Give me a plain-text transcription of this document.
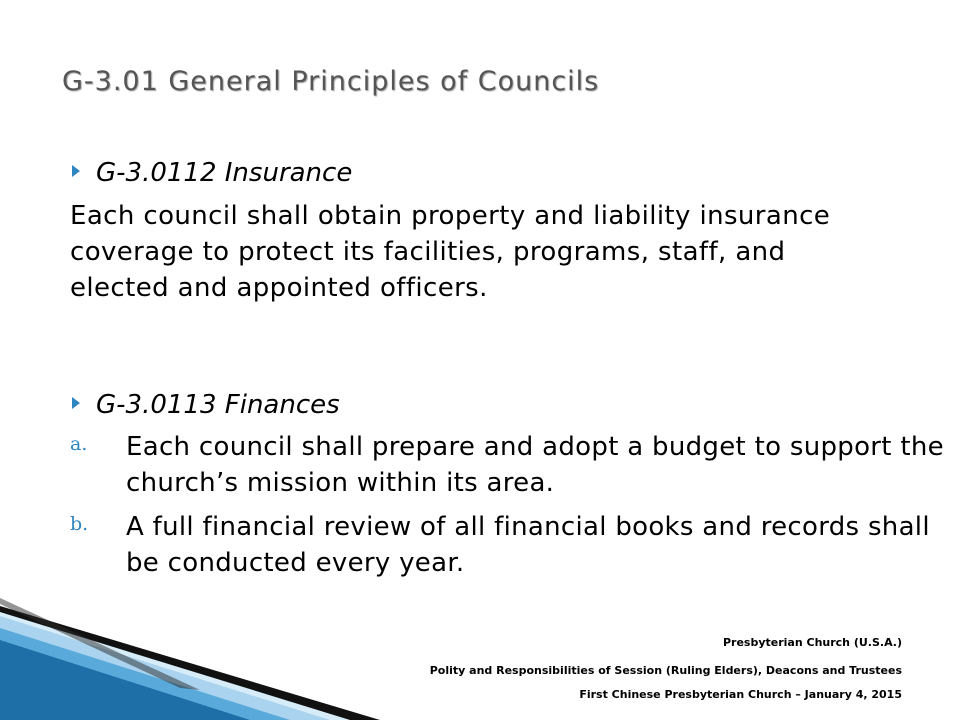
G-3.01 General Principles of Councils
G-3.0112 Insurance
Each council shall obtain property and liability insurance coverage to protect its facilities, programs, staff, and elected and appointed officers.
G-3.0113 Finances
a. Each council shall prepare and adopt a budget to support the church’s mission within its area.
b. A full financial review of all financial books and records shall be conducted every year.
Presbyterian Church (U.S.A.)
Polity and Responsibilities of Session (Ruling Elders), Deacons and Trustees
First Chinese Presbyterian Church – January 4, 2015
